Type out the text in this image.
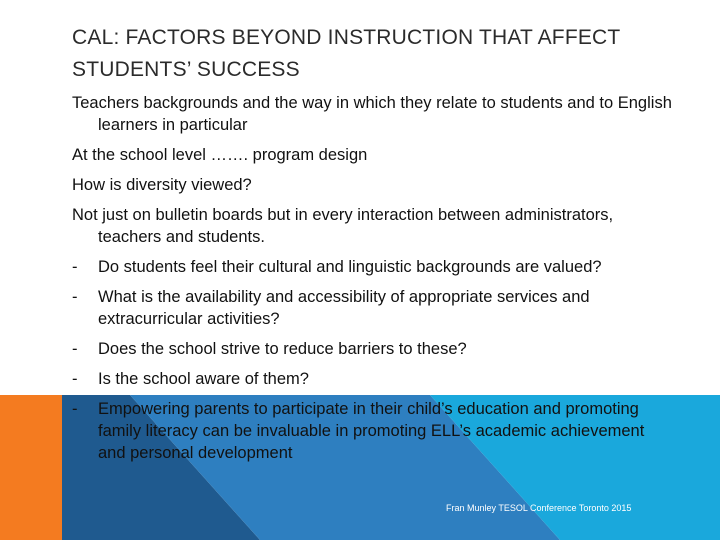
CAL: FACTORS BEYOND INSTRUCTION THAT AFFECT
STUDENTS’ SUCCESS

Teachers backgrounds and the way in which they relate to students and to English learners in particular

At the school level ……. program design

How is diversity viewed?

Not just on bulletin boards but in every interaction between administrators, teachers and students.

- Do students feel their cultural and linguistic backgrounds are valued?
- What is the availability and accessibility of appropriate services and extracurricular activities?
- Does the school strive to reduce barriers to these?
- Is the school aware of them?
- Empowering parents to participate in their child’s education and promoting family literacy can be invaluable in promoting ELL’s academic achievement and personal development
Fran Munley TESOL Conference Toronto 2015
